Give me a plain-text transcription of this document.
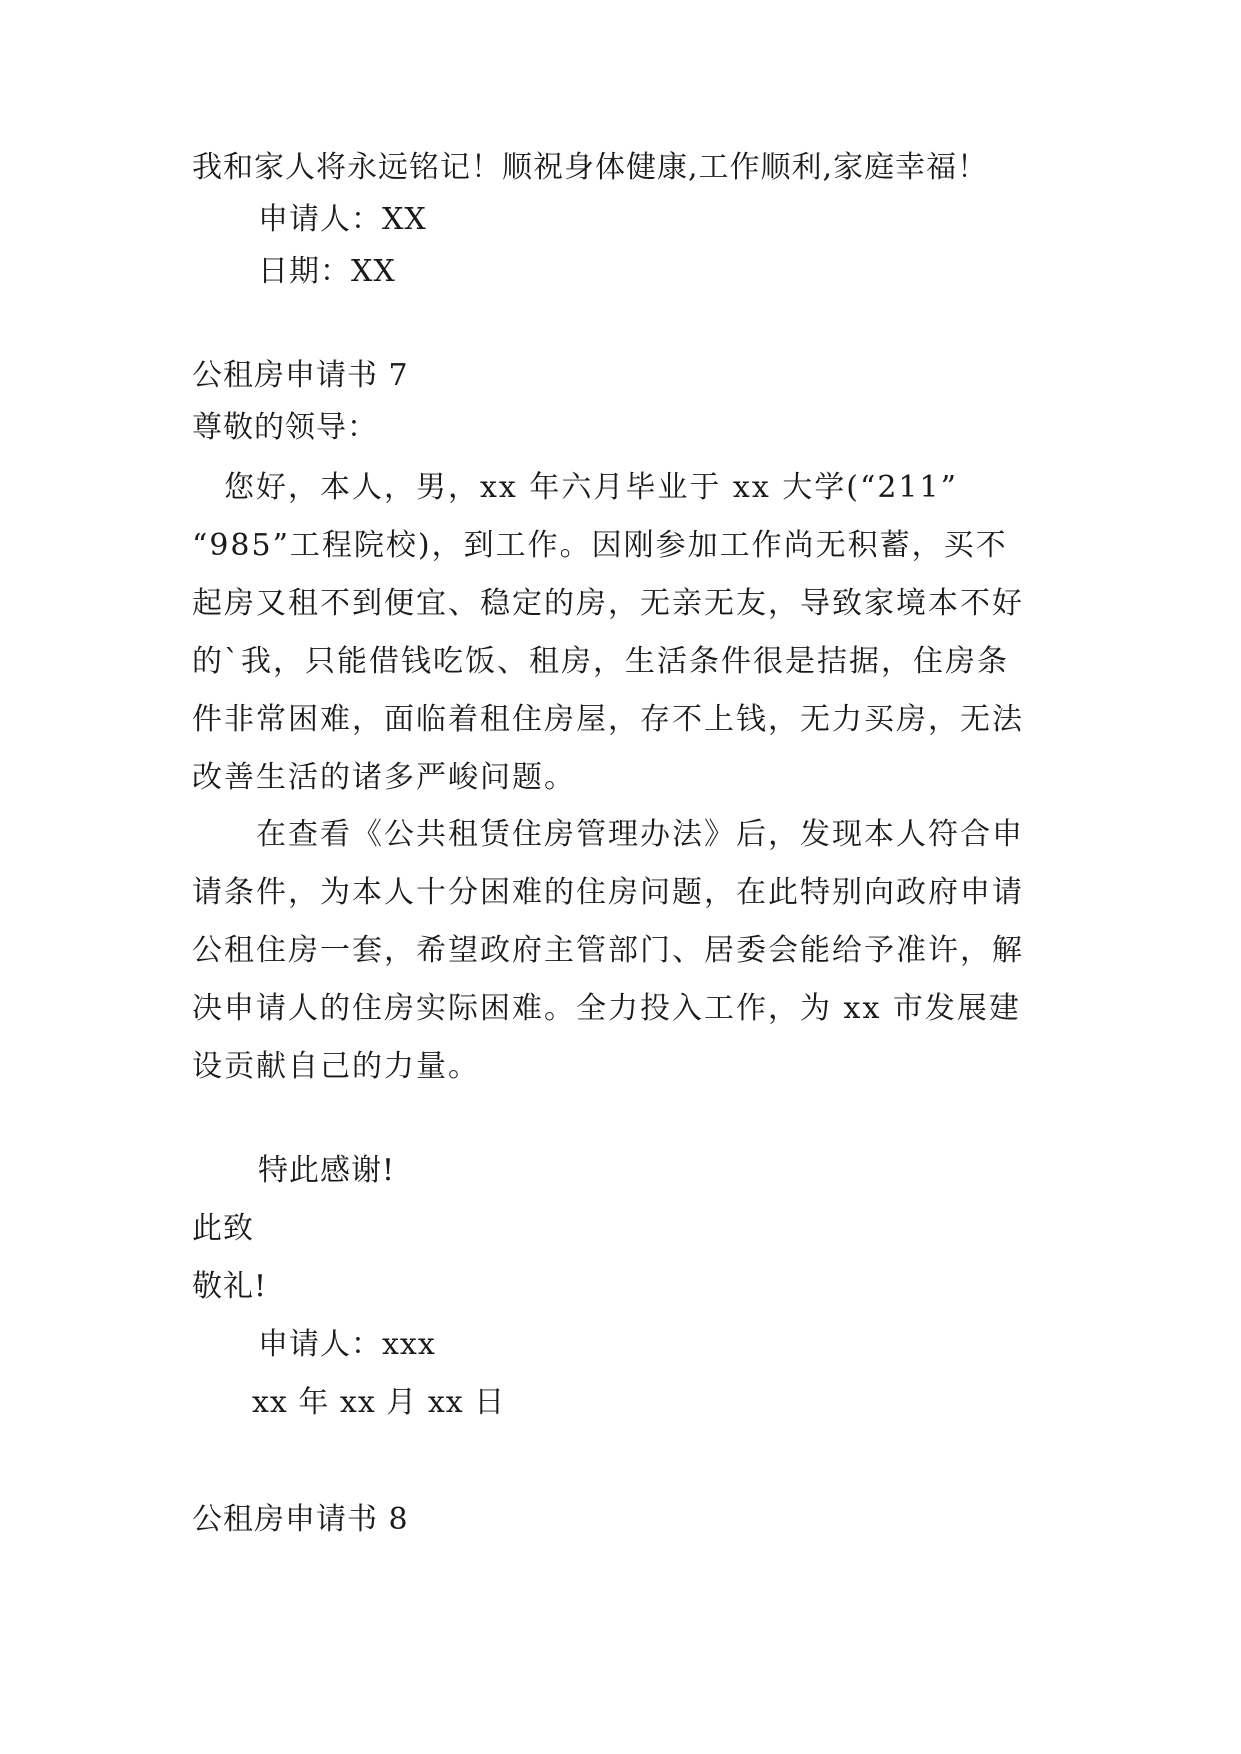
我和家人将永远铭记！顺祝身体健康,工作顺利,家庭幸福！
申请人：XX
日期：XX
公租房申请书 7
尊敬的领导：
　您好，本人，男，xx 年六月毕业于 xx 大学(“211”
“985”工程院校)，到工作。因刚参加工作尚无积蓄，买不
起房又租不到便宜、稳定的房，无亲无友，导致家境本不好
的`我，只能借钱吃饭、租房，生活条件很是拮据，住房条
件非常困难，面临着租住房屋，存不上钱，无力买房，无法
改善生活的诸多严峻问题。
在查看《公共租赁住房管理办法》后，发现本人符合申
请条件，为本人十分困难的住房问题，在此特别向政府申请
公租住房一套，希望政府主管部门、居委会能给予准许，解
决申请人的住房实际困难。全力投入工作，为 xx 市发展建
设贡献自己的力量。
特此感谢!
此致
敬礼!
申请人：xxx
xx 年 xx 月 xx 日
公租房申请书 8
